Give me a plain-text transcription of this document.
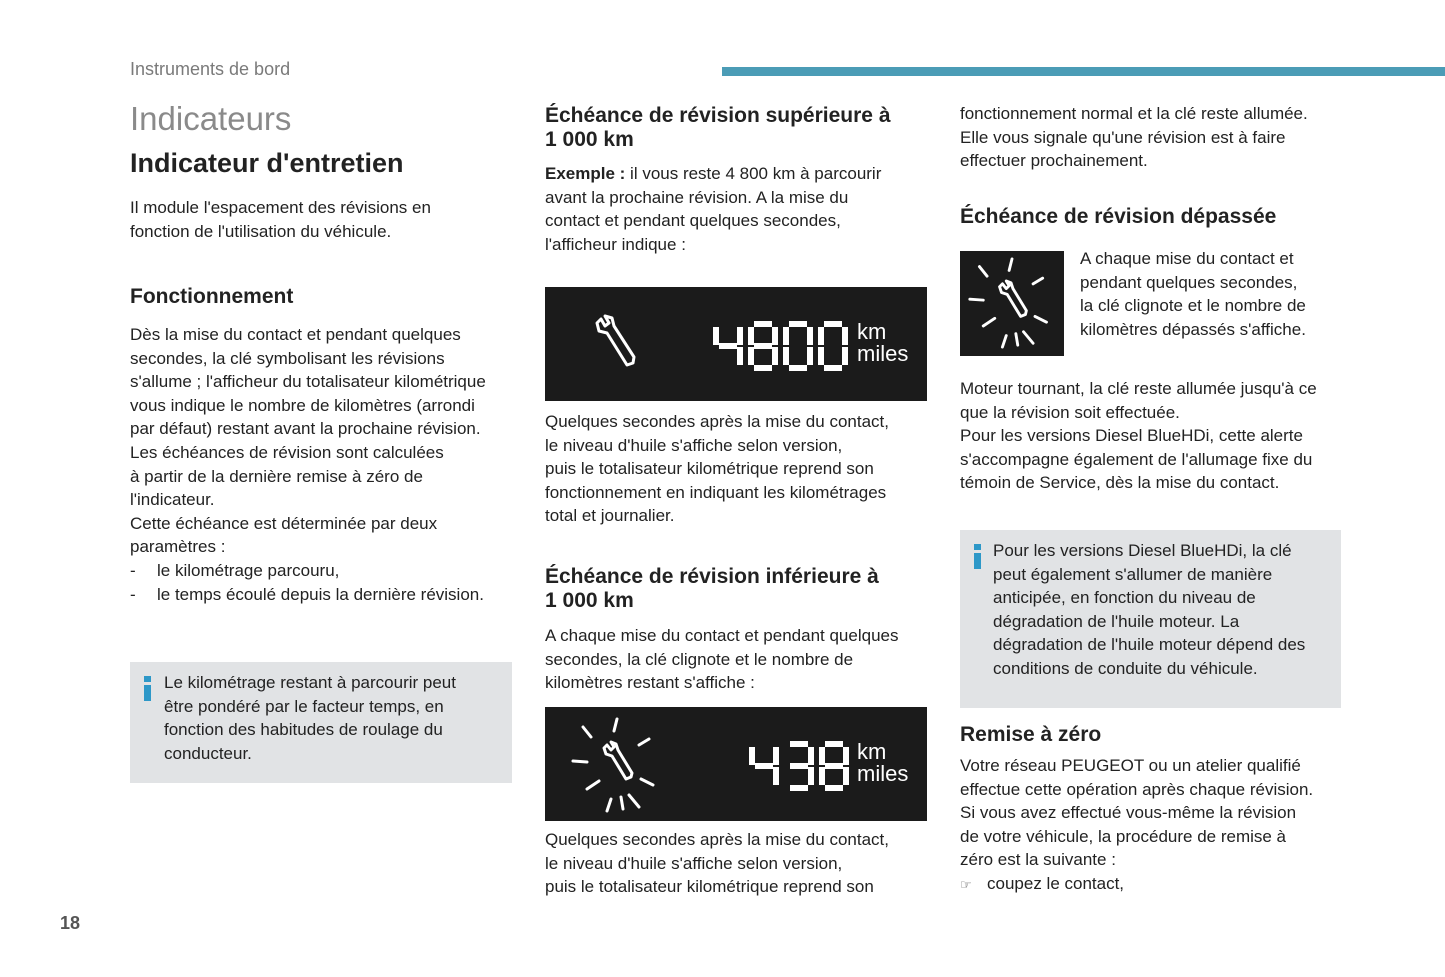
Instruments de bord
Indicateurs
Indicateur d'entretien
Il module l'espacement des révisions en
fonction de l'utilisation du véhicule.
Fonctionnement
Dès la mise du contact et pendant quelques
secondes, la clé symbolisant les révisions
s'allume ; l'afficheur du totalisateur kilométrique
vous indique le nombre de kilomètres (arrondi
par défaut) restant avant la prochaine révision.
Les échéances de révision sont calculées
à partir de la dernière remise à zéro de
l'indicateur.
Cette échéance est déterminée par deux
paramètres :
- le kilométrage parcouru,
- le temps écoulé depuis la dernière révision.
Le kilométrage restant à parcourir peut
être pondéré par le facteur temps, en
fonction des habitudes de roulage du
conducteur.
Échéance de révision supérieure à
1 000 km
Exemple : il vous reste 4 800 km à parcourir
avant la prochaine révision. A la mise du
contact et pendant quelques secondes,
l'afficheur indique :
km
miles
Quelques secondes après la mise du contact,
le niveau d'huile s'affiche selon version,
puis le totalisateur kilométrique reprend son
fonctionnement en indiquant les kilométrages
total et journalier.
Échéance de révision inférieure à
1 000 km
A chaque mise du contact et pendant quelques
secondes, la clé clignote et le nombre de
kilomètres restant s'affiche :
km
miles
Quelques secondes après la mise du contact,
le niveau d'huile s'affiche selon version,
puis le totalisateur kilométrique reprend son
fonctionnement normal et la clé reste allumée.
Elle vous signale qu'une révision est à faire
effectuer prochainement.
Échéance de révision dépassée
A chaque mise du contact et
pendant quelques secondes,
la clé clignote et le nombre de
kilomètres dépassés s'affiche.
Moteur tournant, la clé reste allumée jusqu'à ce
que la révision soit effectuée.
Pour les versions Diesel BlueHDi, cette alerte
s'accompagne également de l'allumage fixe du
témoin de Service, dès la mise du contact.
Pour les versions Diesel BlueHDi, la clé
peut également s'allumer de manière
anticipée, en fonction du niveau de
dégradation de l'huile moteur. La
dégradation de l'huile moteur dépend des
conditions de conduite du véhicule.
Remise à zéro
Votre réseau PEUGEOT ou un atelier qualifié
effectue cette opération après chaque révision.
Si vous avez effectué vous-même la révision
de votre véhicule, la procédure de remise à
zéro est la suivante :
☞ coupez le contact,
18
